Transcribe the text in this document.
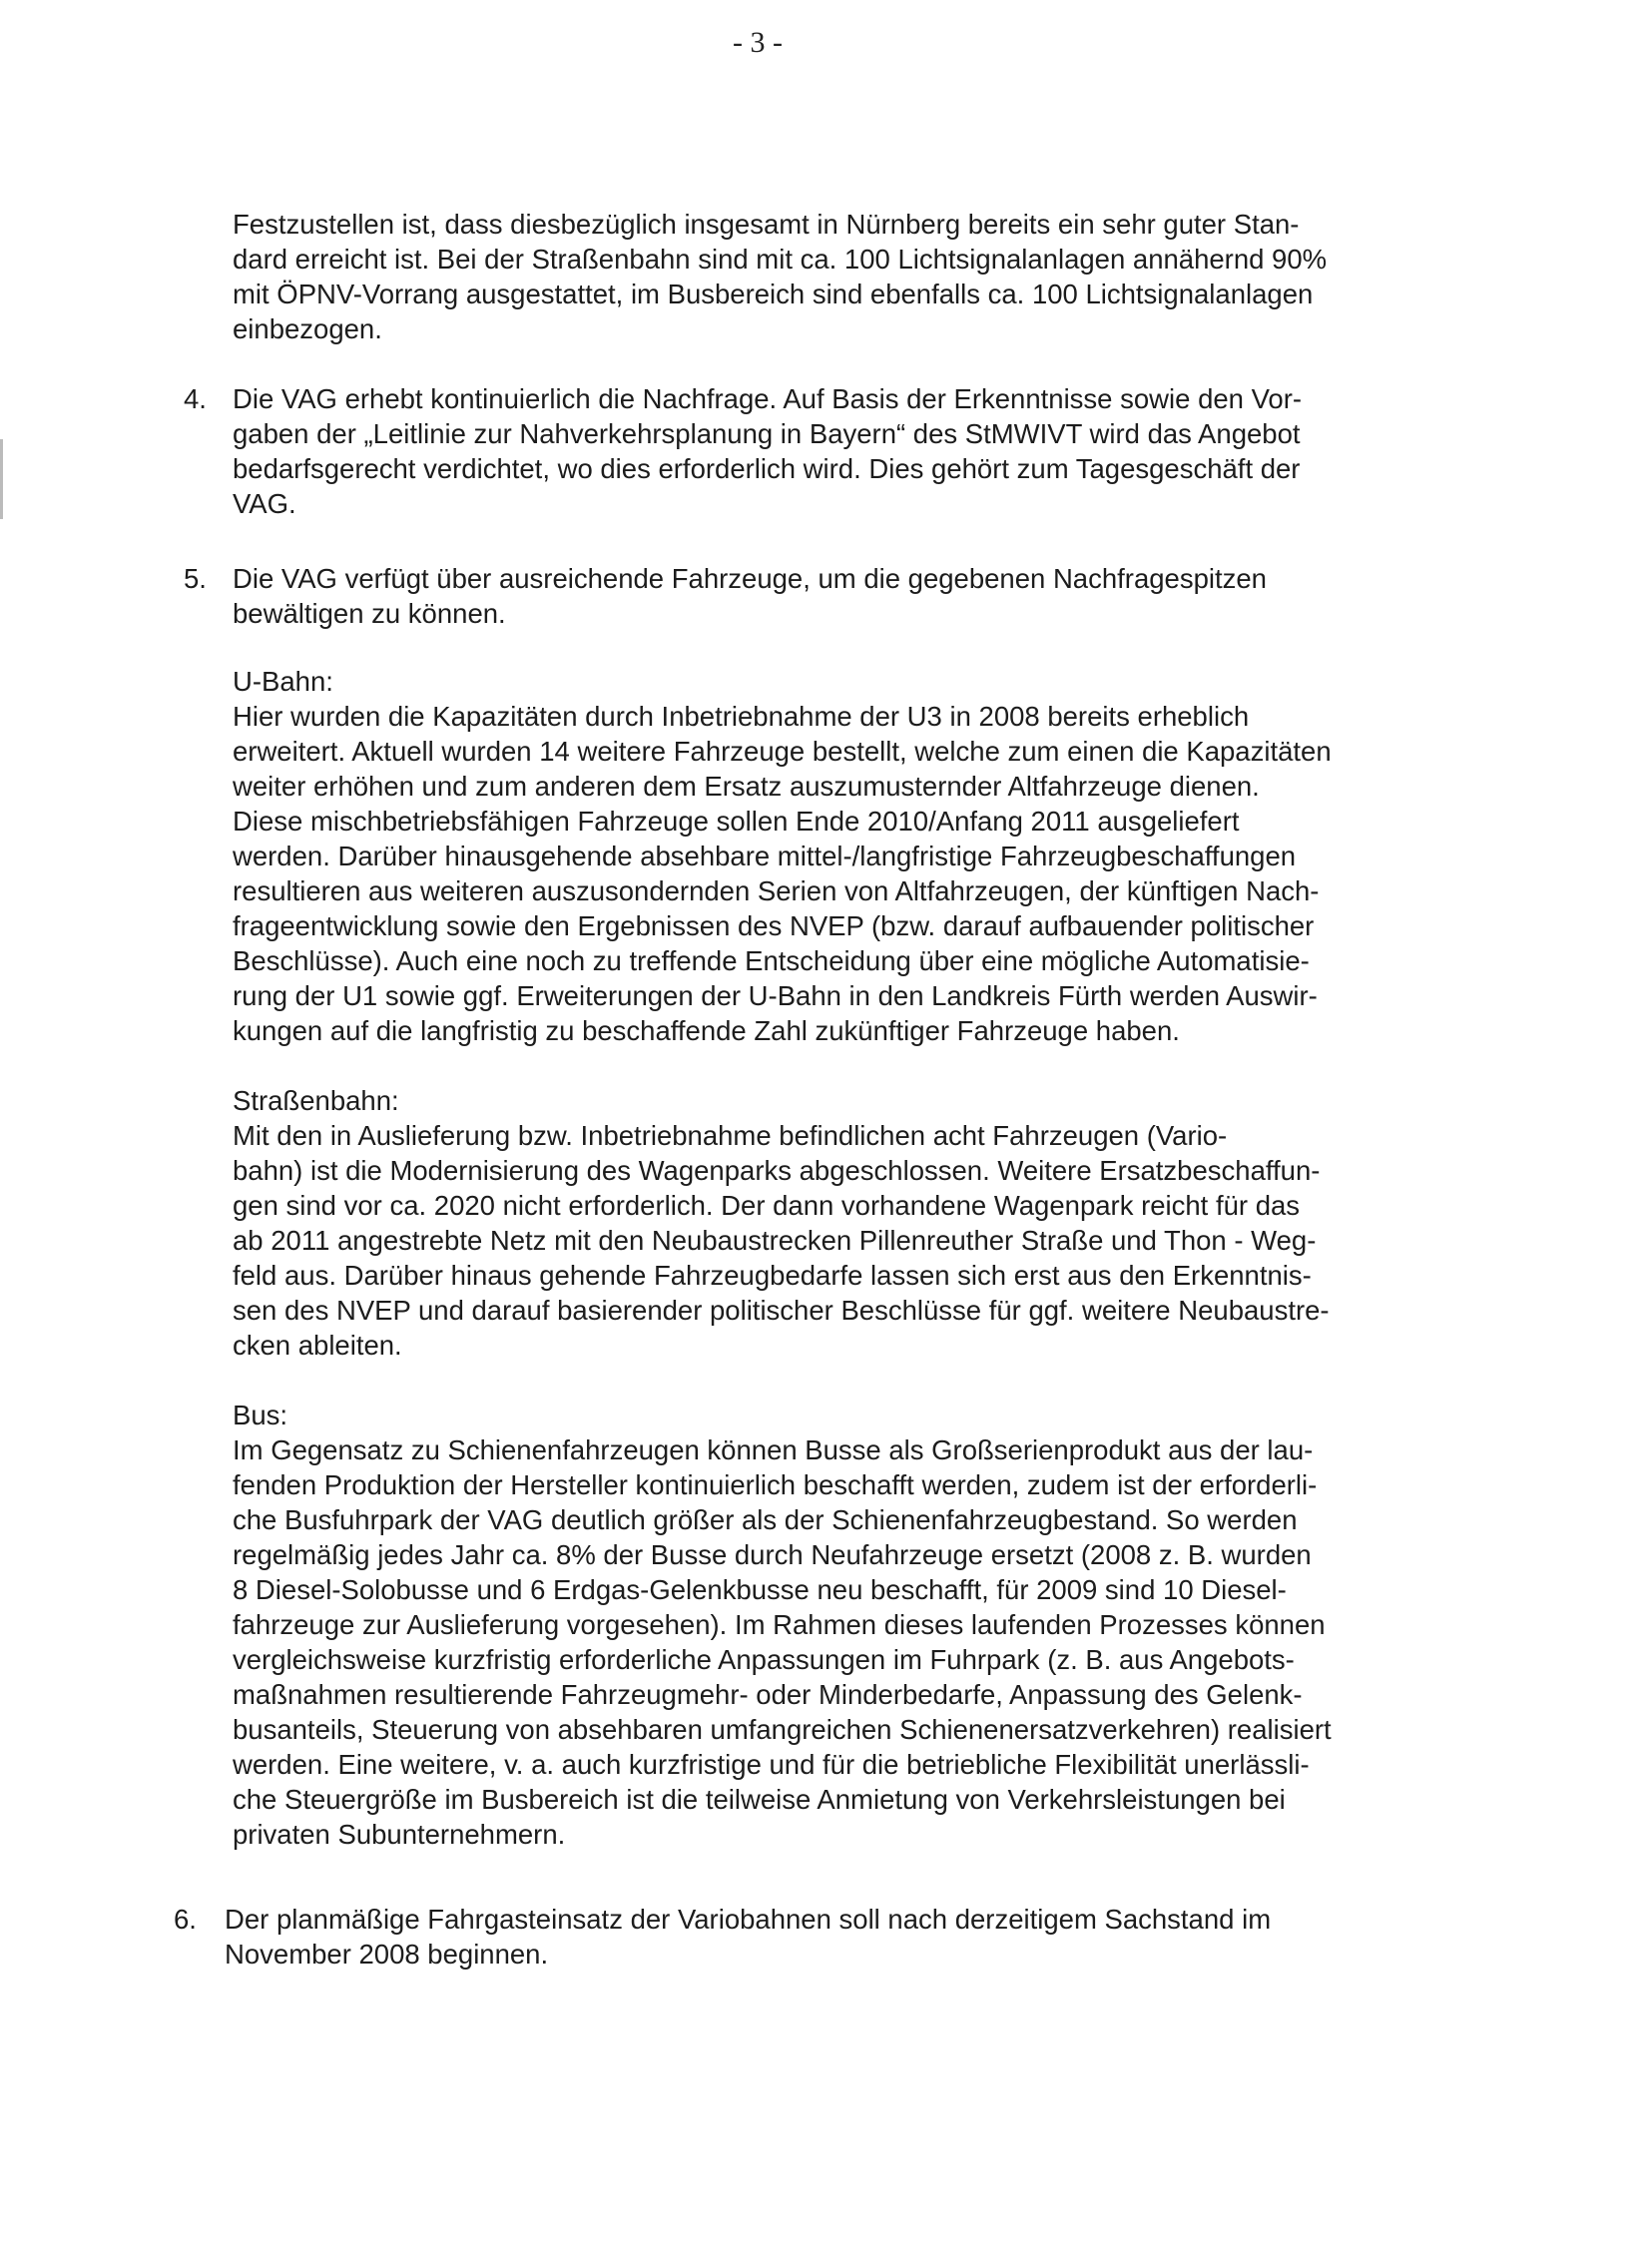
- 3 -
Festzustellen ist, dass diesbezüglich insgesamt in Nürnberg bereits ein sehr guter Stan-
dard erreicht ist. Bei der Straßenbahn sind mit ca. 100 Lichtsignalanlagen annähernd 90%
mit ÖPNV-Vorrang ausgestattet, im Busbereich sind ebenfalls ca. 100 Lichtsignalanlagen
einbezogen.
4. Die VAG erhebt kontinuierlich die Nachfrage. Auf Basis der Erkenntnisse sowie den Vor-
gaben der „Leitlinie zur Nahverkehrsplanung in Bayern“ des StMWIVT wird das Angebot
bedarfsgerecht verdichtet, wo dies erforderlich wird. Dies gehört zum Tagesgeschäft der
VAG.
5. Die VAG verfügt über ausreichende Fahrzeuge, um die gegebenen Nachfragespitzen
bewältigen zu können.
U-Bahn:
Hier wurden die Kapazitäten durch Inbetriebnahme der U3 in 2008 bereits erheblich
erweitert. Aktuell wurden 14 weitere Fahrzeuge bestellt, welche zum einen die Kapazitäten
weiter erhöhen und zum anderen dem Ersatz auszumusternder Altfahrzeuge dienen.
Diese mischbetriebsfähigen Fahrzeuge sollen Ende 2010/Anfang 2011 ausgeliefert
werden. Darüber hinausgehende absehbare mittel-/langfristige Fahrzeugbeschaffungen
resultieren aus weiteren auszusondernden Serien von Altfahrzeugen, der künftigen Nach-
frageentwicklung sowie den Ergebnissen des NVEP (bzw. darauf aufbauender politischer
Beschlüsse). Auch eine noch zu treffende Entscheidung über eine mögliche Automatisie-
rung der U1 sowie ggf. Erweiterungen der U-Bahn in den Landkreis Fürth werden Auswir-
kungen auf die langfristig zu beschaffende Zahl zukünftiger Fahrzeuge haben.
Straßenbahn:
Mit den in Auslieferung bzw. Inbetriebnahme befindlichen acht Fahrzeugen (Vario-
bahn) ist die Modernisierung des Wagenparks abgeschlossen. Weitere Ersatzbeschaffun-
gen sind vor ca. 2020 nicht erforderlich. Der dann vorhandene Wagenpark reicht für das
ab 2011 angestrebte Netz mit den Neubaustrecken Pillenreuther Straße und Thon - Weg-
feld aus. Darüber hinaus gehende Fahrzeugbedarfe lassen sich erst aus den Erkenntnis-
sen des NVEP und darauf basierender politischer Beschlüsse für ggf. weitere Neubaustre-
cken ableiten.
Bus:
Im Gegensatz zu Schienenfahrzeugen können Busse als Großserienprodukt aus der lau-
fenden Produktion der Hersteller kontinuierlich beschafft werden, zudem ist der erforderli-
che Busfuhrpark der VAG deutlich größer als der Schienenfahrzeugbestand. So werden
regelmäßig jedes Jahr ca. 8% der Busse durch Neufahrzeuge ersetzt (2008 z. B. wurden
8 Diesel-Solobusse und 6 Erdgas-Gelenkbusse neu beschafft, für 2009 sind 10 Diesel-
fahrzeuge zur Auslieferung vorgesehen). Im Rahmen dieses laufenden Prozesses können
vergleichsweise kurzfristig erforderliche Anpassungen im Fuhrpark (z. B. aus Angebots-
maßnahmen resultierende Fahrzeugmehr- oder Minderbedarfe, Anpassung des Gelenk-
busanteils, Steuerung von absehbaren umfangreichen Schienenersatzverkehren) realisiert
werden. Eine weitere, v. a. auch kurzfristige und für die betriebliche Flexibilität unerlässli-
che Steuergröße im Busbereich ist die teilweise Anmietung von Verkehrsleistungen bei
privaten Subunternehmern.
6. Der planmäßige Fahrgasteinsatz der Variobahnen soll nach derzeitigem Sachstand im
November 2008 beginnen.
